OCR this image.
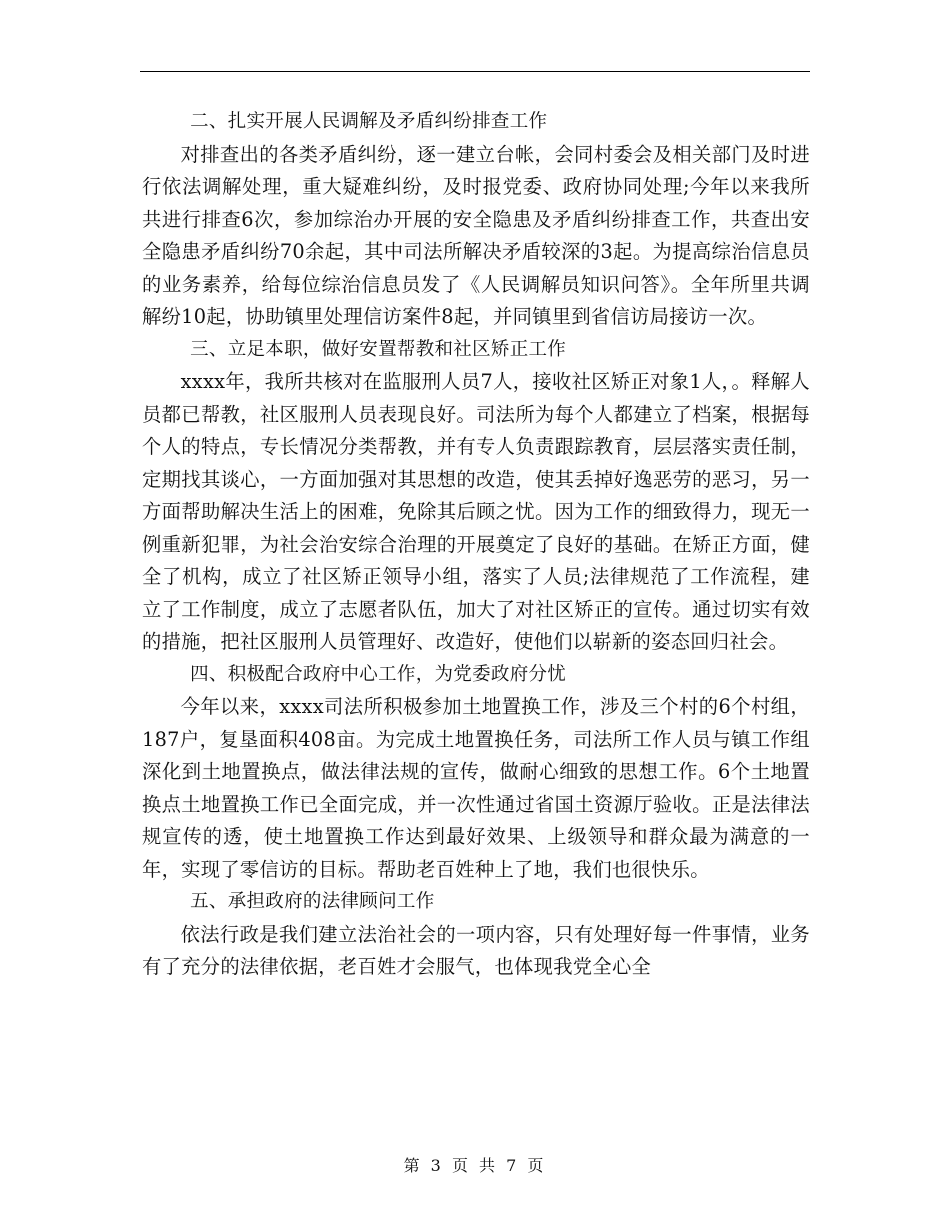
二、扎实开展人民调解及矛盾纠纷排查工作

对排查出的各类矛盾纠纷，逐一建立台帐，会同村委会及相关部门及时进行依法调解处理，重大疑难纠纷，及时报党委、政府协同处理;今年以来我所共进行排查6次，参加综治办开展的安全隐患及矛盾纠纷排查工作，共查出安全隐患矛盾纠纷70余起，其中司法所解决矛盾较深的3起。为提高综治信息员的业务素养，给每位综治信息员发了《人民调解员知识问答》。全年所里共调解纷10起，协助镇里处理信访案件8起，并同镇里到省信访局接访一次。

三、立足本职，做好安置帮教和社区矫正工作

xxxx年，我所共核对在监服刑人员7人，接收社区矫正对象1人，。释解人员都已帮教，社区服刑人员表现良好。司法所为每个人都建立了档案，根据每个人的特点，专长情况分类帮教，并有专人负责跟踪教育，层层落实责任制，定期找其谈心，一方面加强对其思想的改造，使其丢掉好逸恶劳的恶习，另一方面帮助解决生活上的困难，免除其后顾之忧。因为工作的细致得力，现无一例重新犯罪，为社会治安综合治理的开展奠定了良好的基础。在矫正方面，健全了机构，成立了社区矫正领导小组，落实了人员;法律规范了工作流程，建立了工作制度，成立了志愿者队伍，加大了对社区矫正的宣传。通过切实有效的措施，把社区服刑人员管理好、改造好，使他们以崭新的姿态回归社会。

四、积极配合政府中心工作，为党委政府分忧

今年以来，xxxx司法所积极参加土地置换工作，涉及三个村的6个村组，187户，复垦面积408亩。为完成土地置换任务，司法所工作人员与镇工作组深化到土地置换点，做法律法规的宣传，做耐心细致的思想工作。6个土地置换点土地置换工作已全面完成，并一次性通过省国土资源厅验收。正是法律法规宣传的透，使土地置换工作达到最好效果、上级领导和群众最为满意的一年，实现了零信访的目标。帮助老百姓种上了地，我们也很快乐。

五、承担政府的法律顾问工作

依法行政是我们建立法治社会的一项内容，只有处理好每一件事情，业务有了充分的法律依据，老百姓才会服气，也体现我党全心全

第 3 页 共 7 页
